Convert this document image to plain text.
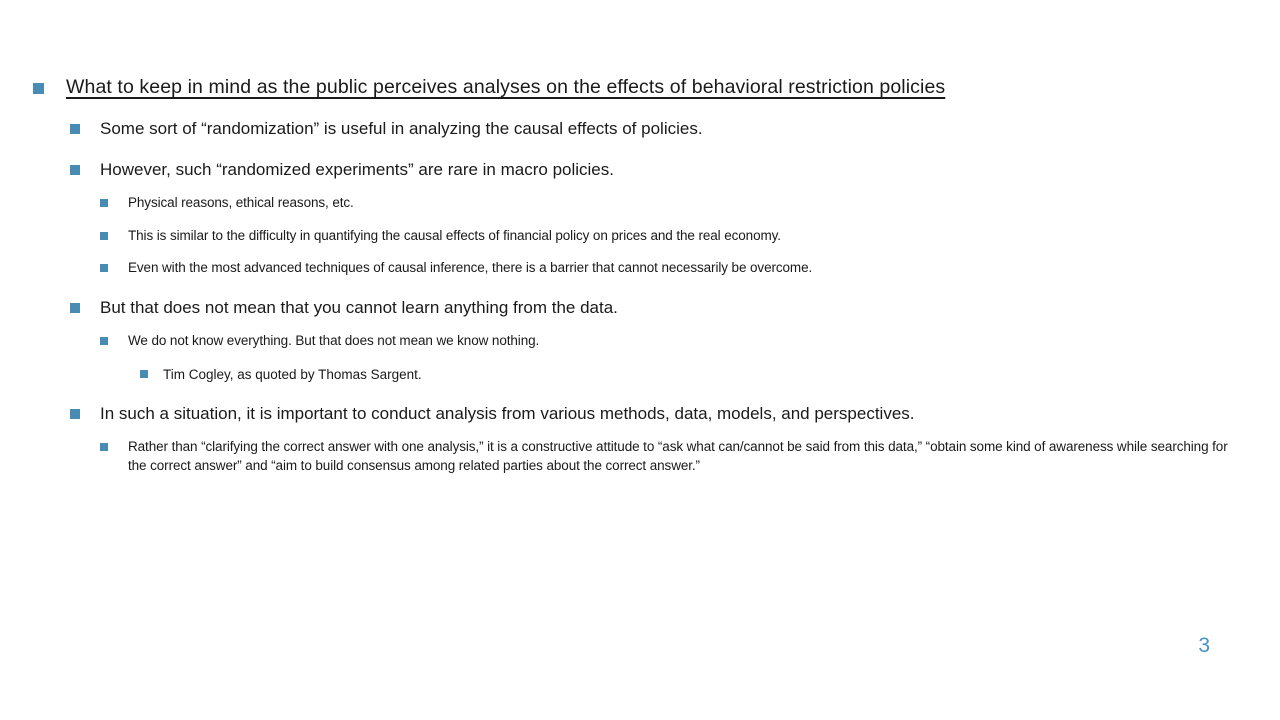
What to keep in mind as the public perceives analyses on the effects of behavioral restriction policies
Some sort of “randomization” is useful in analyzing the causal effects of policies.
However, such “randomized experiments” are rare in macro policies.
Physical reasons, ethical reasons, etc.
This is similar to the difficulty in quantifying the causal effects of financial policy on prices and the real economy.
Even with the most advanced techniques of causal inference, there is a barrier that cannot necessarily be overcome.
But that does not mean that you cannot learn anything from the data.
We do not know everything. But that does not mean we know nothing.
Tim Cogley, as quoted by Thomas Sargent.
In such a situation, it is important to conduct analysis from various methods, data, models, and perspectives.
Rather than “clarifying the correct answer with one analysis,” it is a constructive attitude to “ask what can/cannot be said from this data,” “obtain some kind of awareness while searching for the correct answer” and “aim to build consensus among related parties about the correct answer.”
3
